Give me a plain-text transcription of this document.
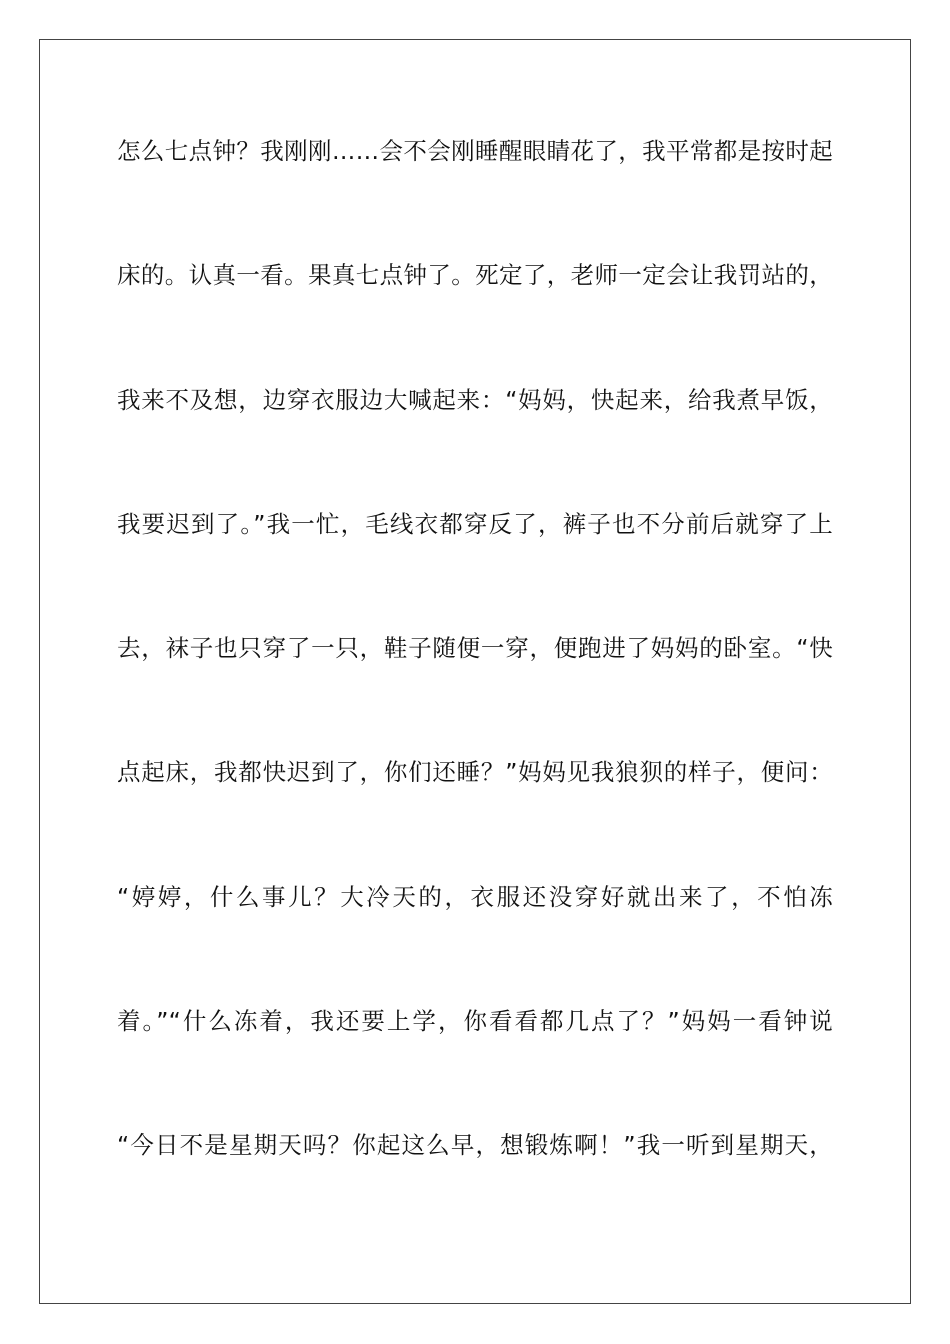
怎么七点钟？我刚刚……会不会刚睡醒眼睛花了，我平常都是按时起
床的。认真一看。果真七点钟了。死定了，老师一定会让我罚站的，
我来不及想，边穿衣服边大喊起来：“妈妈，快起来，给我煮早饭，
我要迟到了。”我一忙，毛线衣都穿反了，裤子也不分前后就穿了上
去，袜子也只穿了一只，鞋子随便一穿，便跑进了妈妈的卧室。“快
点起床，我都快迟到了，你们还睡？”妈妈见我狼狈的样子，便问：
“婷婷，什么事儿？大冷天的，衣服还没穿好就出来了，不怕冻
着。”“什么冻着，我还要上学，你看看都几点了？”妈妈一看钟说
“今日不是星期天吗？你起这么早，想锻炼啊！”我一听到星期天，
